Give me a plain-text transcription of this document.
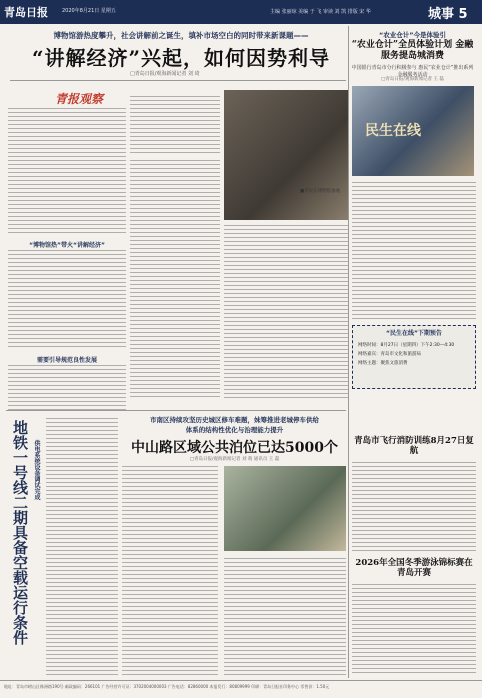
青岛日报	2020年8月21日 星期五	主编 张丽琼 美编 于 飞 审读 刘 凯 排版 宋 华	城事 5
博物馆游热度攀升，社会讲解前之诞生，填补市场空白的同时带来新课题——
“讲解经济”兴起，如何因势利导
□青岛日报/观海新闻记者 刘 琦
青报观察
■市民在博物馆参观
“博物馆热”带火“讲解经济”
需要引导规范良性发展
地铁一号线二期具备空载运行条件 供电系统设备调试完成
市南区持续攻坚历史城区修车难题，妹筹推进老城停车供给
体系的结构性优化与治理能力提升
中山路区域公共泊位已达5000个
□青岛日报/观海新闻记者 刘 萌 通讯员 王 磊
“农业仓计”今是体验引
“农业仓计”全员体验计划 金融服务提岛城消费
中国银行青岛市分行积极参与 惠民“农业仓计”推出系列金融服务活动
□青岛日报/观海新闻记者 王 磊
民生在线
“民生在线”下期预告
网络时间：8月27日（星期四）下午2:30—4:30
网络嘉宾：青岛市文化和旅游局
网络主题：聚焦文旅消费
青岛市飞行消防训练8月27日复航
2026年全国冬季游泳锦标赛在青岛开赛
地址：青岛市崂山区株洲路190号 邮政编码：266101 广告经营许可证：3702004000003 广告电话：82860000 本报发行：80809999 印刷：青岛日报社印务中心 零售价：1.50元
